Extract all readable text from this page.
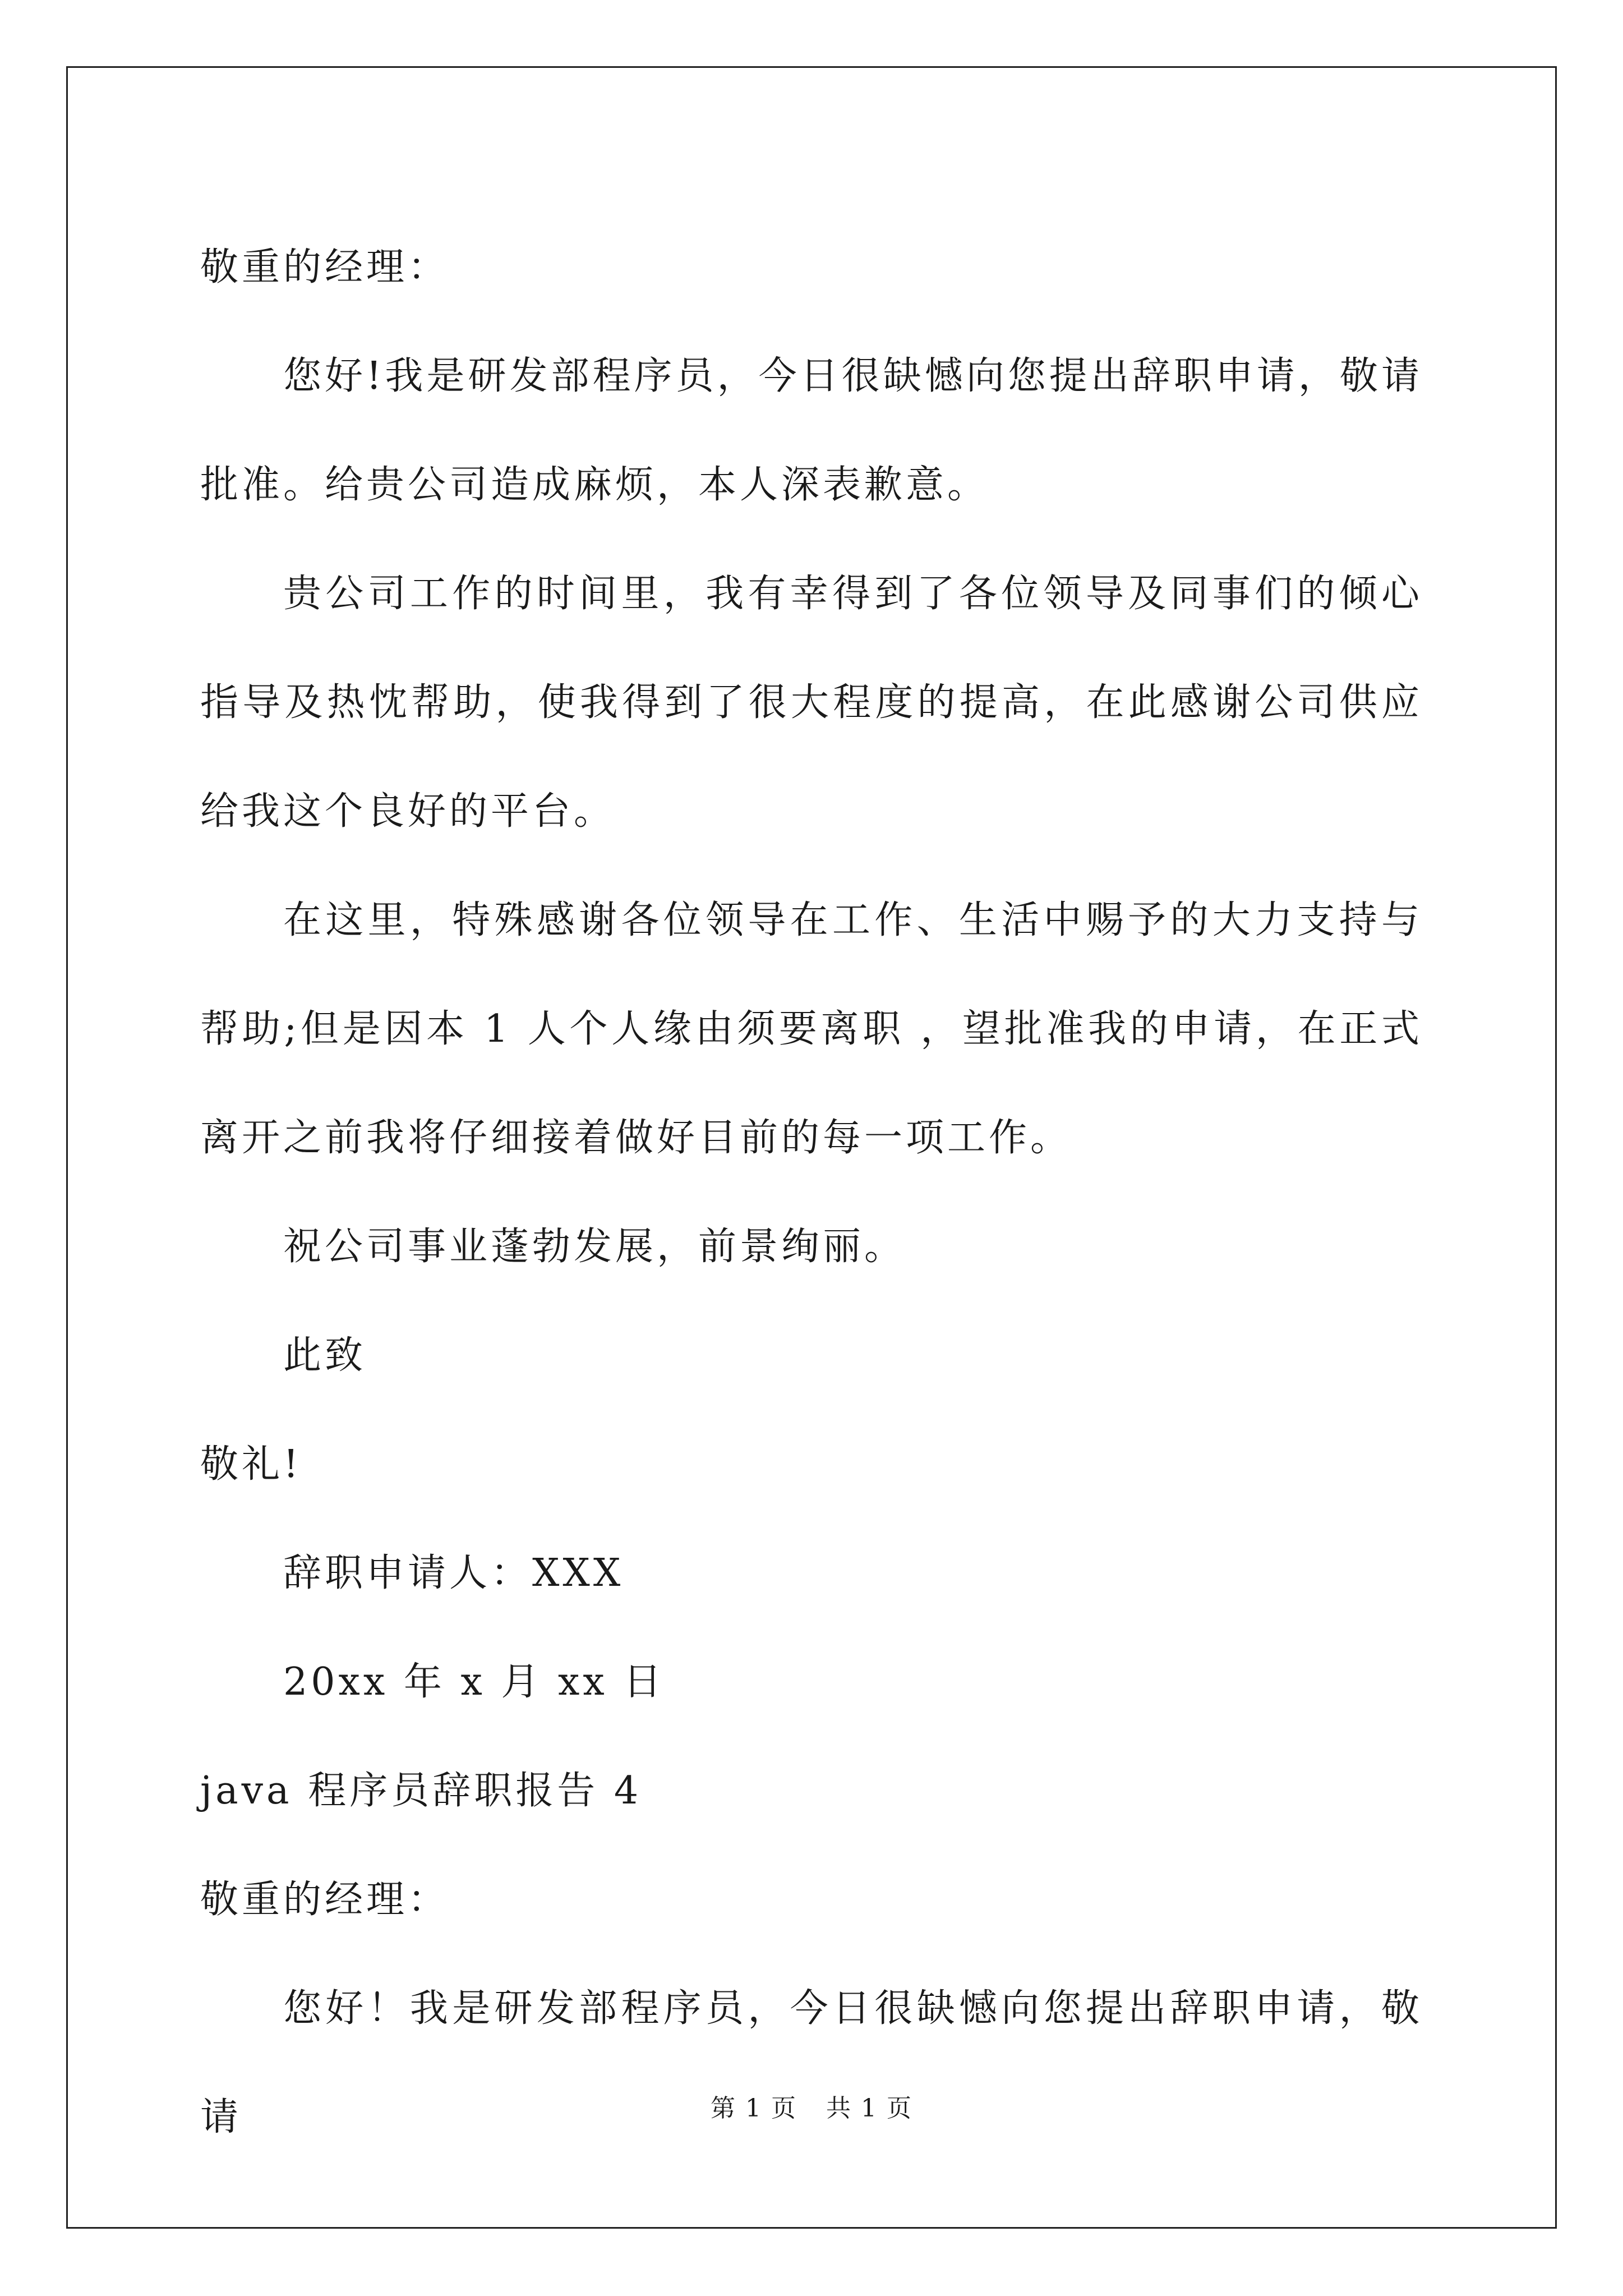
敬重的经理：

您好!我是研发部程序员，今日很缺憾向您提出辞职申请，敬请批准。给贵公司造成麻烦，本人深表歉意。

贵公司工作的时间里，我有幸得到了各位领导及同事们的倾心指导及热忱帮助，使我得到了很大程度的提高，在此感谢公司供应给我这个良好的平台。

在这里，特殊感谢各位领导在工作、生活中赐予的大力支持与帮助;但是因本 1 人个人缘由须要离职 ，望批准我的申请，在正式离开之前我将仔细接着做好目前的每一项工作。

祝公司事业蓬勃发展，前景绚丽。

此致

敬礼!

辞职申请人：XXX

20xx 年 x 月 xx 日

java 程序员辞职报告 4

敬重的经理：

您好！我是研发部程序员，今日很缺憾向您提出辞职申请，敬请	第 1 页 共 1 页
